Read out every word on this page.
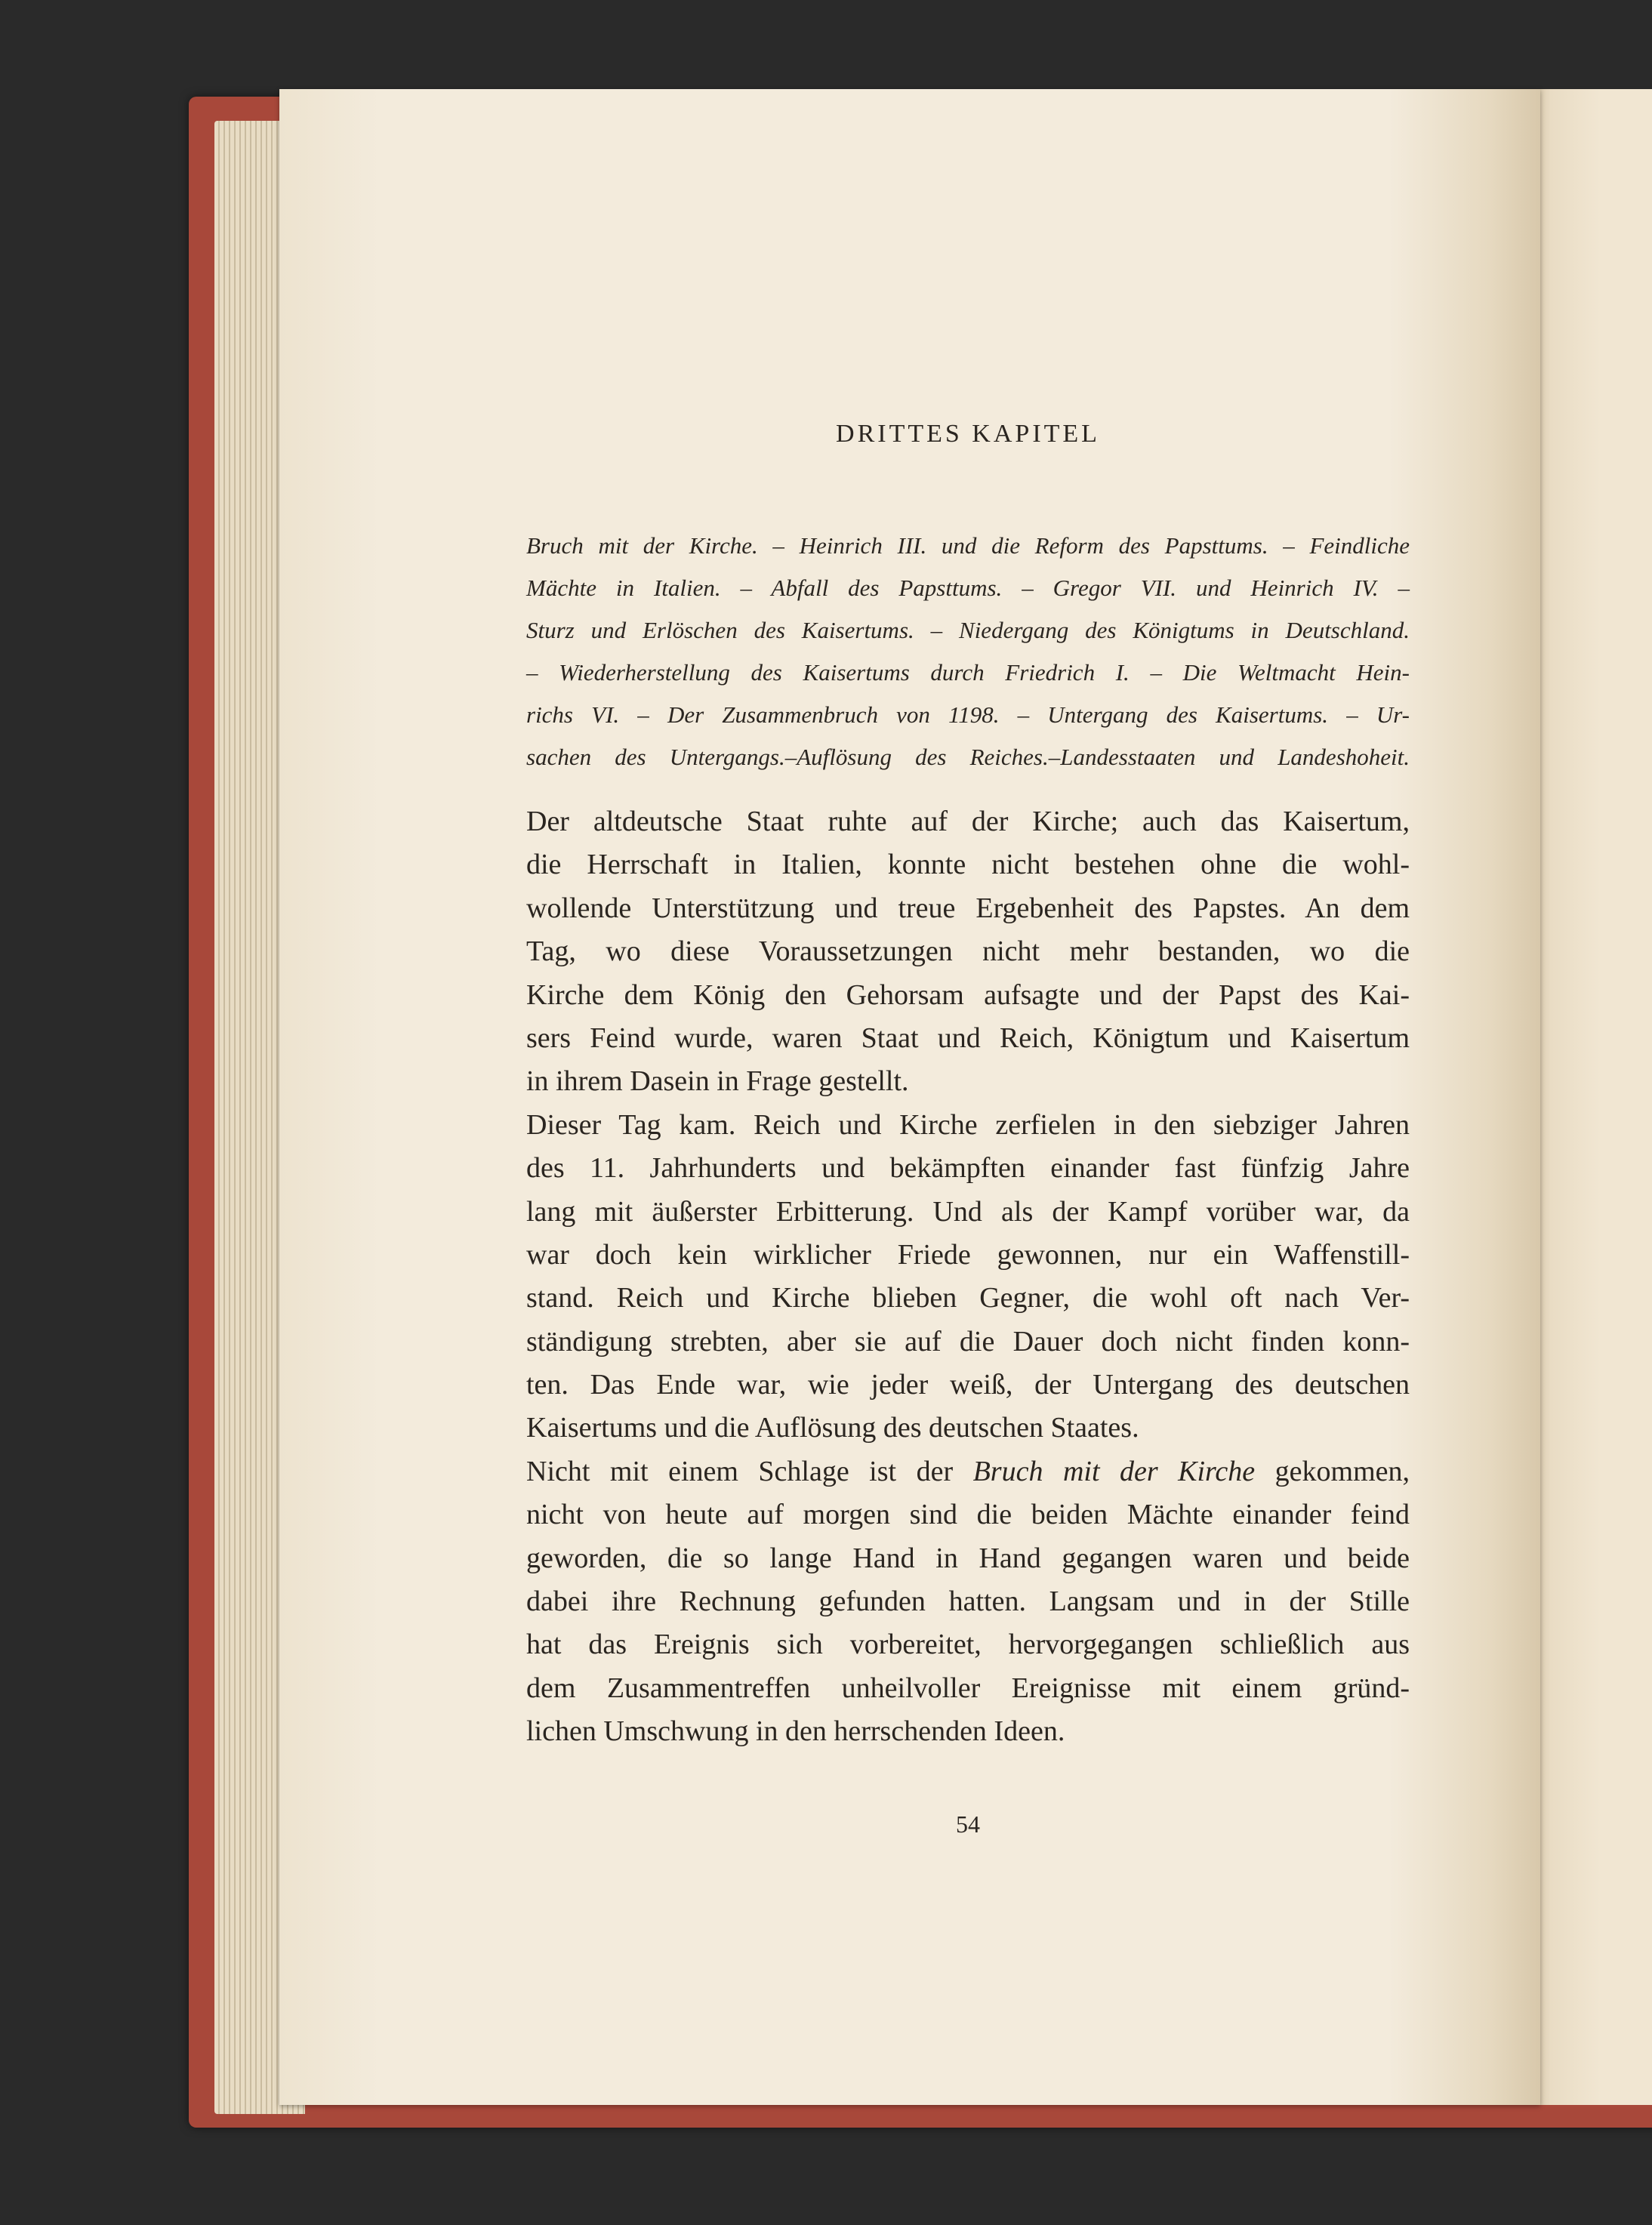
DRITTES KAPITEL
Bruch mit der Kirche. – Heinrich III. und die Reform des Papsttums. – Feindliche
Mächte in Italien. – Abfall des Papsttums. – Gregor VII. und Heinrich IV. –
Sturz und Erlöschen des Kaisertums. – Niedergang des Königtums in Deutschland.
– Wiederherstellung des Kaisertums durch Friedrich I. – Die Weltmacht Hein-
richs VI. – Der Zusammenbruch von 1198. – Untergang des Kaisertums. – Ur-
sachen des Untergangs.–Auflösung des Reiches.–Landesstaaten und Landeshoheit.
Der altdeutsche Staat ruhte auf der Kirche; auch das Kaisertum,
die Herrschaft in Italien, konnte nicht bestehen ohne die wohl-
wollende Unterstützung und treue Ergebenheit des Papstes. An dem
Tag, wo diese Voraussetzungen nicht mehr bestanden, wo die
Kirche dem König den Gehorsam aufsagte und der Papst des Kai-
sers Feind wurde, waren Staat und Reich, Königtum und Kaisertum
in ihrem Dasein in Frage gestellt.
Dieser Tag kam. Reich und Kirche zerfielen in den siebziger Jahren
des 11. Jahrhunderts und bekämpften einander fast fünfzig Jahre
lang mit äußerster Erbitterung. Und als der Kampf vorüber war, da
war doch kein wirklicher Friede gewonnen, nur ein Waffenstill-
stand. Reich und Kirche blieben Gegner, die wohl oft nach Ver-
ständigung strebten, aber sie auf die Dauer doch nicht finden konn-
ten. Das Ende war, wie jeder weiß, der Untergang des deutschen
Kaisertums und die Auflösung des deutschen Staates.
Nicht mit einem Schlage ist der Bruch mit der Kirche gekommen,
nicht von heute auf morgen sind die beiden Mächte einander feind
geworden, die so lange Hand in Hand gegangen waren und beide
dabei ihre Rechnung gefunden hatten. Langsam und in der Stille
hat das Ereignis sich vorbereitet, hervorgegangen schließlich aus
dem Zusammentreffen unheilvoller Ereignisse mit einem gründ-
lichen Umschwung in den herrschenden Ideen.
54
